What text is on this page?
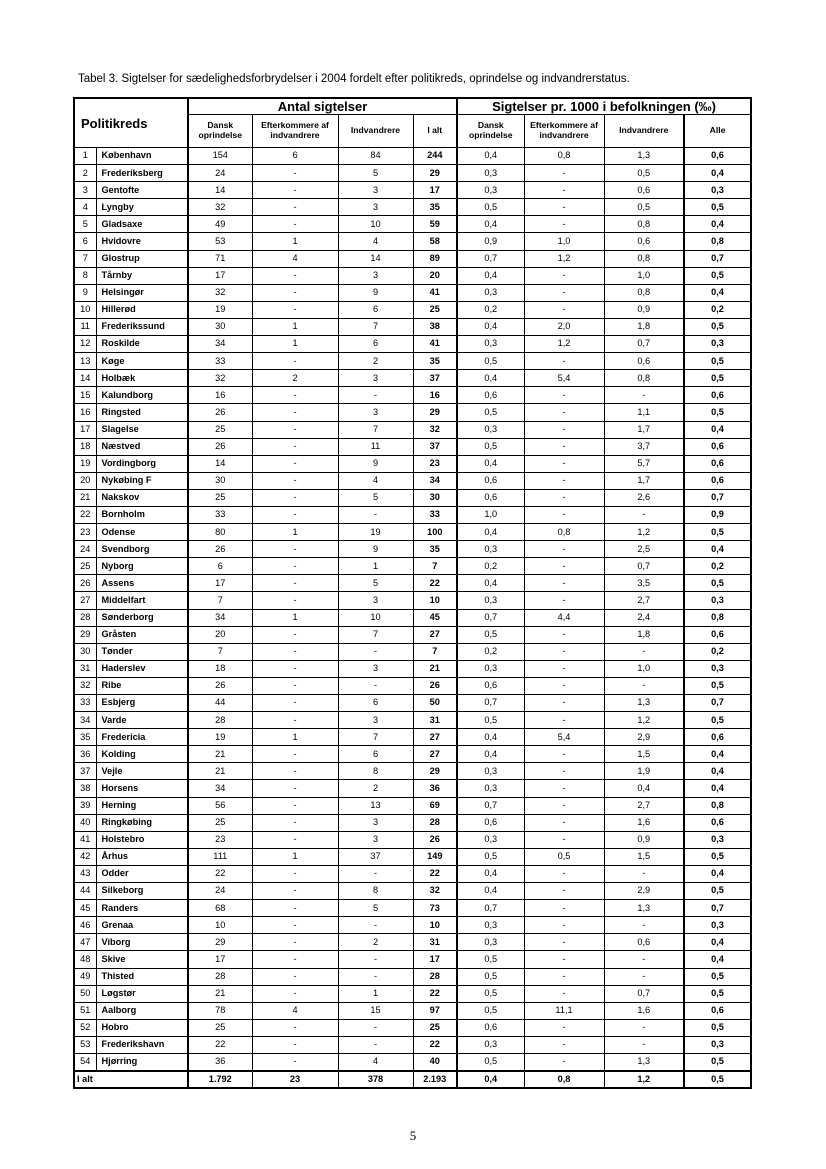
Tabel 3. Sigtelser for sædelighedsforbrydelser i 2004 fordelt efter politikreds, oprindelse og indvandrerstatus.
Politikreds		Antal sigtelser				Sigtelser pr. 1000 i befolkningen (‰)			
		Dansk oprindelse	Efterkommere af indvandrere	Indvandrere	I alt	Dansk oprindelse	Efterkommere af indvandrere	Indvandrere	Alle
1	København	154	6	84	244	0,4	0,8	1,3	0,6
2	Frederiksberg	24	-	5	29	0,3	-	0,5	0,4
3	Gentofte	14	-	3	17	0,3	-	0,6	0,3
4	Lyngby	32	-	3	35	0,5	-	0,5	0,5
5	Gladsaxe	49	-	10	59	0,4	-	0,8	0,4
6	Hvidovre	53	1	4	58	0,9	1,0	0,6	0,8
7	Glostrup	71	4	14	89	0,7	1,2	0,8	0,7
8	Tårnby	17	-	3	20	0,4	-	1,0	0,5
9	Helsingør	32	-	9	41	0,3	-	0,8	0,4
10	Hillerød	19	-	6	25	0,2	-	0,9	0,2
11	Frederikssund	30	1	7	38	0,4	2,0	1,8	0,5
12	Roskilde	34	1	6	41	0,3	1,2	0,7	0,3
13	Køge	33	-	2	35	0,5	-	0,6	0,5
14	Holbæk	32	2	3	37	0,4	5,4	0,8	0,5
15	Kalundborg	16	-	-	16	0,6	-	-	0,6
16	Ringsted	26	-	3	29	0,5	-	1,1	0,5
17	Slagelse	25	-	7	32	0,3	-	1,7	0,4
18	Næstved	26	-	11	37	0,5	-	3,7	0,6
19	Vordingborg	14	-	9	23	0,4	-	5,7	0,6
20	Nykøbing F	30	-	4	34	0,6	-	1,7	0,6
21	Nakskov	25	-	5	30	0,6	-	2,6	0,7
22	Bornholm	33	-	-	33	1,0	-	-	0,9
23	Odense	80	1	19	100	0,4	0,8	1,2	0,5
24	Svendborg	26	-	9	35	0,3	-	2,5	0,4
25	Nyborg	6	-	1	7	0,2	-	0,7	0,2
26	Assens	17	-	5	22	0,4	-	3,5	0,5
27	Middelfart	7	-	3	10	0,3	-	2,7	0,3
28	Sønderborg	34	1	10	45	0,7	4,4	2,4	0,8
29	Gråsten	20	-	7	27	0,5	-	1,8	0,6
30	Tønder	7	-	-	7	0,2	-	-	0,2
31	Haderslev	18	-	3	21	0,3	-	1,0	0,3
32	Ribe	26	-	-	26	0,6	-	-	0,5
33	Esbjerg	44	-	6	50	0,7	-	1,3	0,7
34	Varde	28	-	3	31	0,5	-	1,2	0,5
35	Fredericia	19	1	7	27	0,4	5,4	2,9	0,6
36	Kolding	21	-	6	27	0,4	-	1,5	0,4
37	Vejle	21	-	8	29	0,3	-	1,9	0,4
38	Horsens	34	-	2	36	0,3	-	0,4	0,4
39	Herning	56	-	13	69	0,7	-	2,7	0,8
40	Ringkøbing	25	-	3	28	0,6	-	1,6	0,6
41	Holstebro	23	-	3	26	0,3	-	0,9	0,3
42	Århus	111	1	37	149	0,5	0,5	1,5	0,5
43	Odder	22	-	-	22	0,4	-	-	0,4
44	Silkeborg	24	-	8	32	0,4	-	2,9	0,5
45	Randers	68	-	5	73	0,7	-	1,3	0,7
46	Grenaa	10	-	-	10	0,3	-	-	0,3
47	Viborg	29	-	2	31	0,3	-	0,6	0,4
48	Skive	17	-	-	17	0,5	-	-	0,4
49	Thisted	28	-	-	28	0,5	-	-	0,5
50	Løgstør	21	-	1	22	0,5	-	0,7	0,5
51	Aalborg	78	4	15	97	0,5	11,1	1,6	0,6
52	Hobro	25	-	-	25	0,6	-	-	0,5
53	Frederikshavn	22	-	-	22	0,3	-	-	0,3
54	Hjørring	36	-	4	40	0,5	-	1,3	0,5
I alt		1.792	23	378	2.193	0,4	0,8	1,2	0,5
5
